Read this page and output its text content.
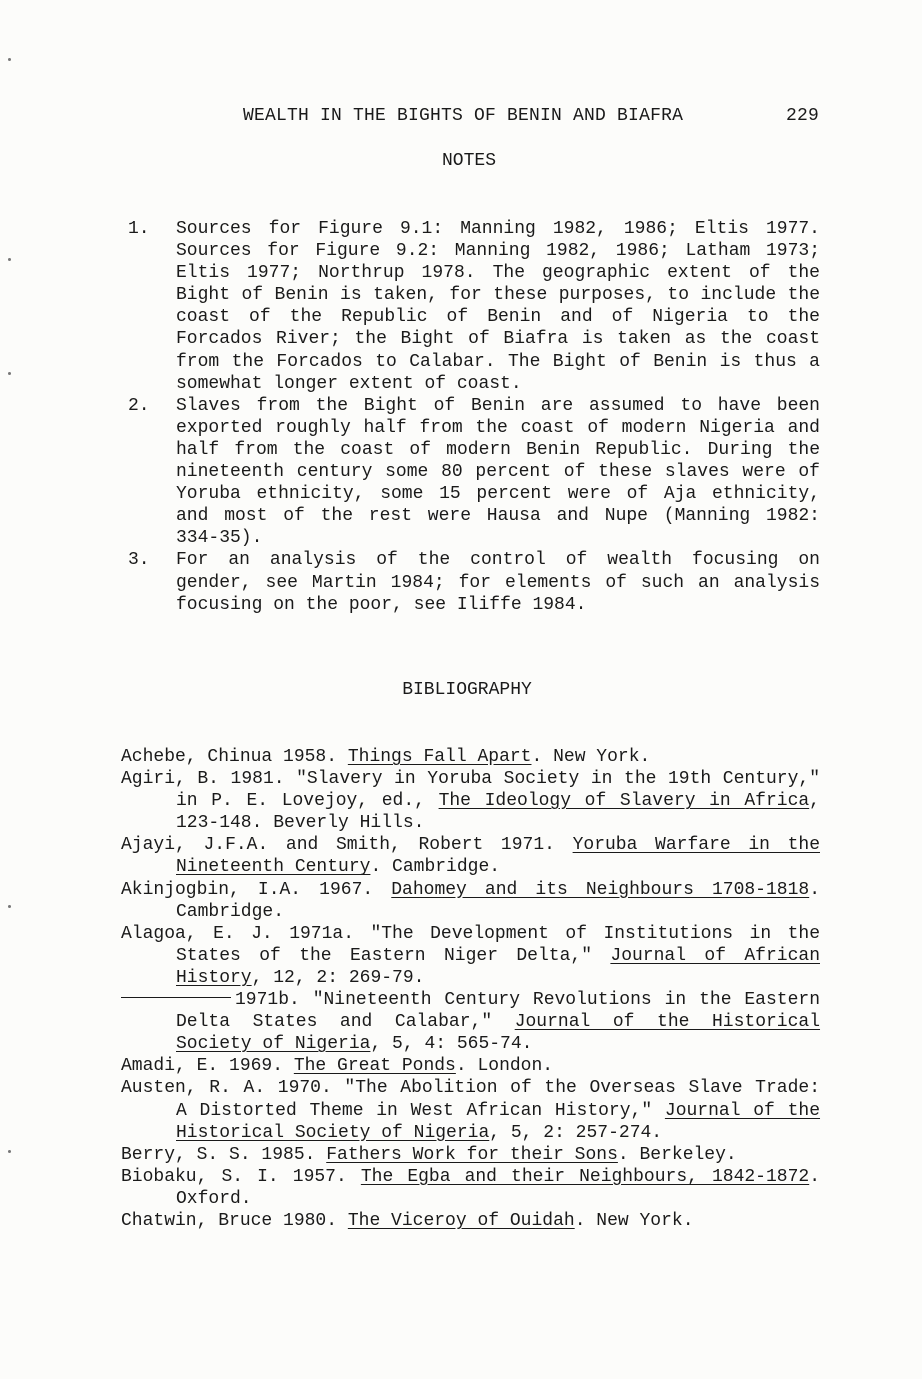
WEALTH IN THE BIGHTS OF BENIN AND BIAFRA	229
NOTES
1.	Sources for Figure 9.1: Manning 1982, 1986; Eltis 1977. Sources for Figure 9.2: Manning 1982, 1986; Latham 1973; Eltis 1977; Northrup 1978. The geographic extent of the Bight of Benin is taken, for these purposes, to include the coast of the Republic of Benin and of Nigeria to the Forcados River; the Bight of Biafra is taken as the coast from the Forcados to Calabar. The Bight of Benin is thus a somewhat longer extent of coast.
2.	Slaves from the Bight of Benin are assumed to have been exported roughly half from the coast of modern Nigeria and half from the coast of modern Benin Republic. During the nineteenth century some 80 percent of these slaves were of Yoruba ethnicity, some 15 percent were of Aja ethnicity, and most of the rest were Hausa and Nupe (Manning 1982: 334-35).
3.	For an analysis of the control of wealth focusing on gender, see Martin 1984; for elements of such an analysis focusing on the poor, see Iliffe 1984.
BIBLIOGRAPHY
Achebe, Chinua 1958. Things Fall Apart. New York.
Agiri, B. 1981. "Slavery in Yoruba Society in the 19th Century," in P. E. Lovejoy, ed., The Ideology of Slavery in Africa, 123-148. Beverly Hills.
Ajayi, J.F.A. and Smith, Robert 1971. Yoruba Warfare in the Nineteenth Century. Cambridge.
Akinjogbin, I.A. 1967. Dahomey and its Neighbours 1708-1818. Cambridge.
Alagoa, E. J. 1971a. "The Development of Institutions in the States of the Eastern Niger Delta," Journal of African History, 12, 2: 269-79.
1971b. "Nineteenth Century Revolutions in the Eastern Delta States and Calabar," Journal of the Historical Society of Nigeria, 5, 4: 565-74.
Amadi, E. 1969. The Great Ponds. London.
Austen, R. A. 1970. "The Abolition of the Overseas Slave Trade: A Distorted Theme in West African History," Journal of the Historical Society of Nigeria, 5, 2: 257-274.
Berry, S. S. 1985. Fathers Work for their Sons. Berkeley.
Biobaku, S. I. 1957. The Egba and their Neighbours, 1842-1872. Oxford.
Chatwin, Bruce 1980. The Viceroy of Ouidah. New York.
